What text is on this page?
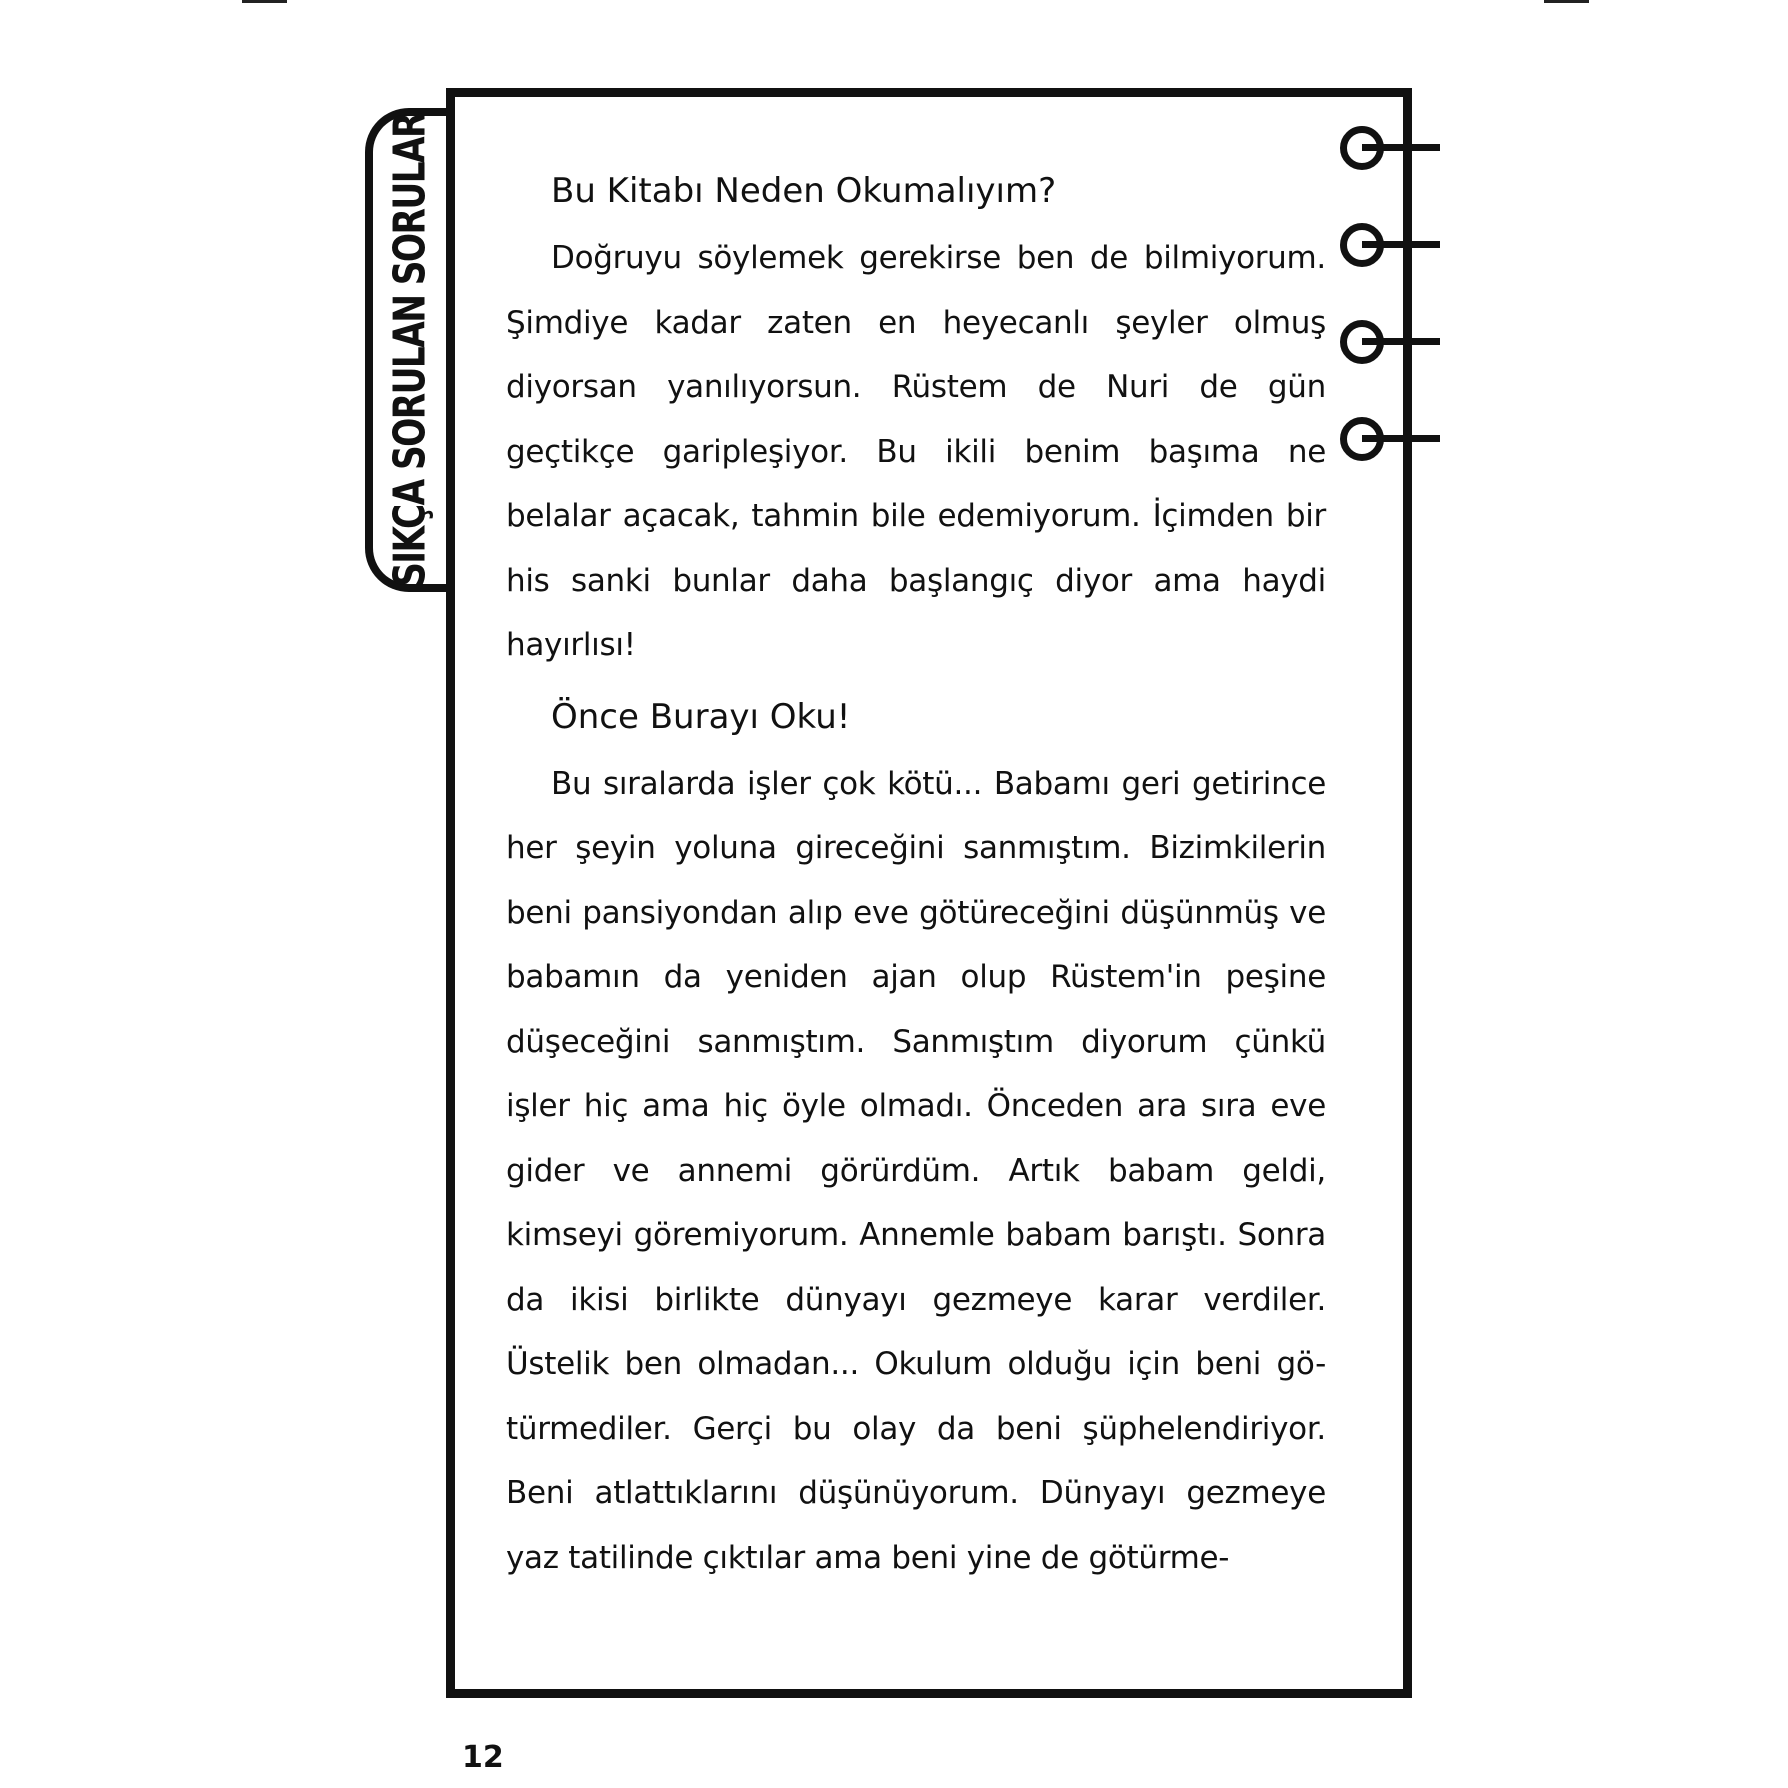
SIKÇA SORULAN SORULAR	Bu Kitabı Neden Okumalıyım?

Doğruyu söylemek gerekirse ben de bilmiyorum. Şimdiye kadar zaten en heyecanlı şeyler olmuş diyorsan yanılıyorsun. Rüstem de Nuri de gün geçtikçe garipleşiyor. Bu ikili benim başıma ne belalar açacak, tahmin bile edemiyorum. İçimden bir his sanki bunlar daha başlangıç diyor ama haydi hayırlısı!

Önce Burayı Oku!

Bu sıralarda işler çok kötü... Babamı geri getirince her şeyin yoluna gireceğini sanmıştım. Bizimkilerin beni pansiyondan alıp eve götüreceğini düşünmüş ve babamın da yeniden ajan olup Rüstem'in peşine düşeceğini sanmıştım. Sanmıştım diyorum çünkü işler hiç ama hiç öyle olmadı. Önceden ara sıra eve gider ve annemi görürdüm. Artık babam geldi, kimseyi göremiyorum. Annemle babam barıştı. Sonra da ikisi birlikte dünyayı gezmeye karar verdiler. Üstelik ben olmadan... Okulum olduğu için beni gö- türmediler. Gerçi bu olay da beni şüphelendiriyor. Beni atlattıklarını düşünüyorum. Dünyayı gezmeye yaz tatilinde çıktılar ama beni yine de götürme-

12
